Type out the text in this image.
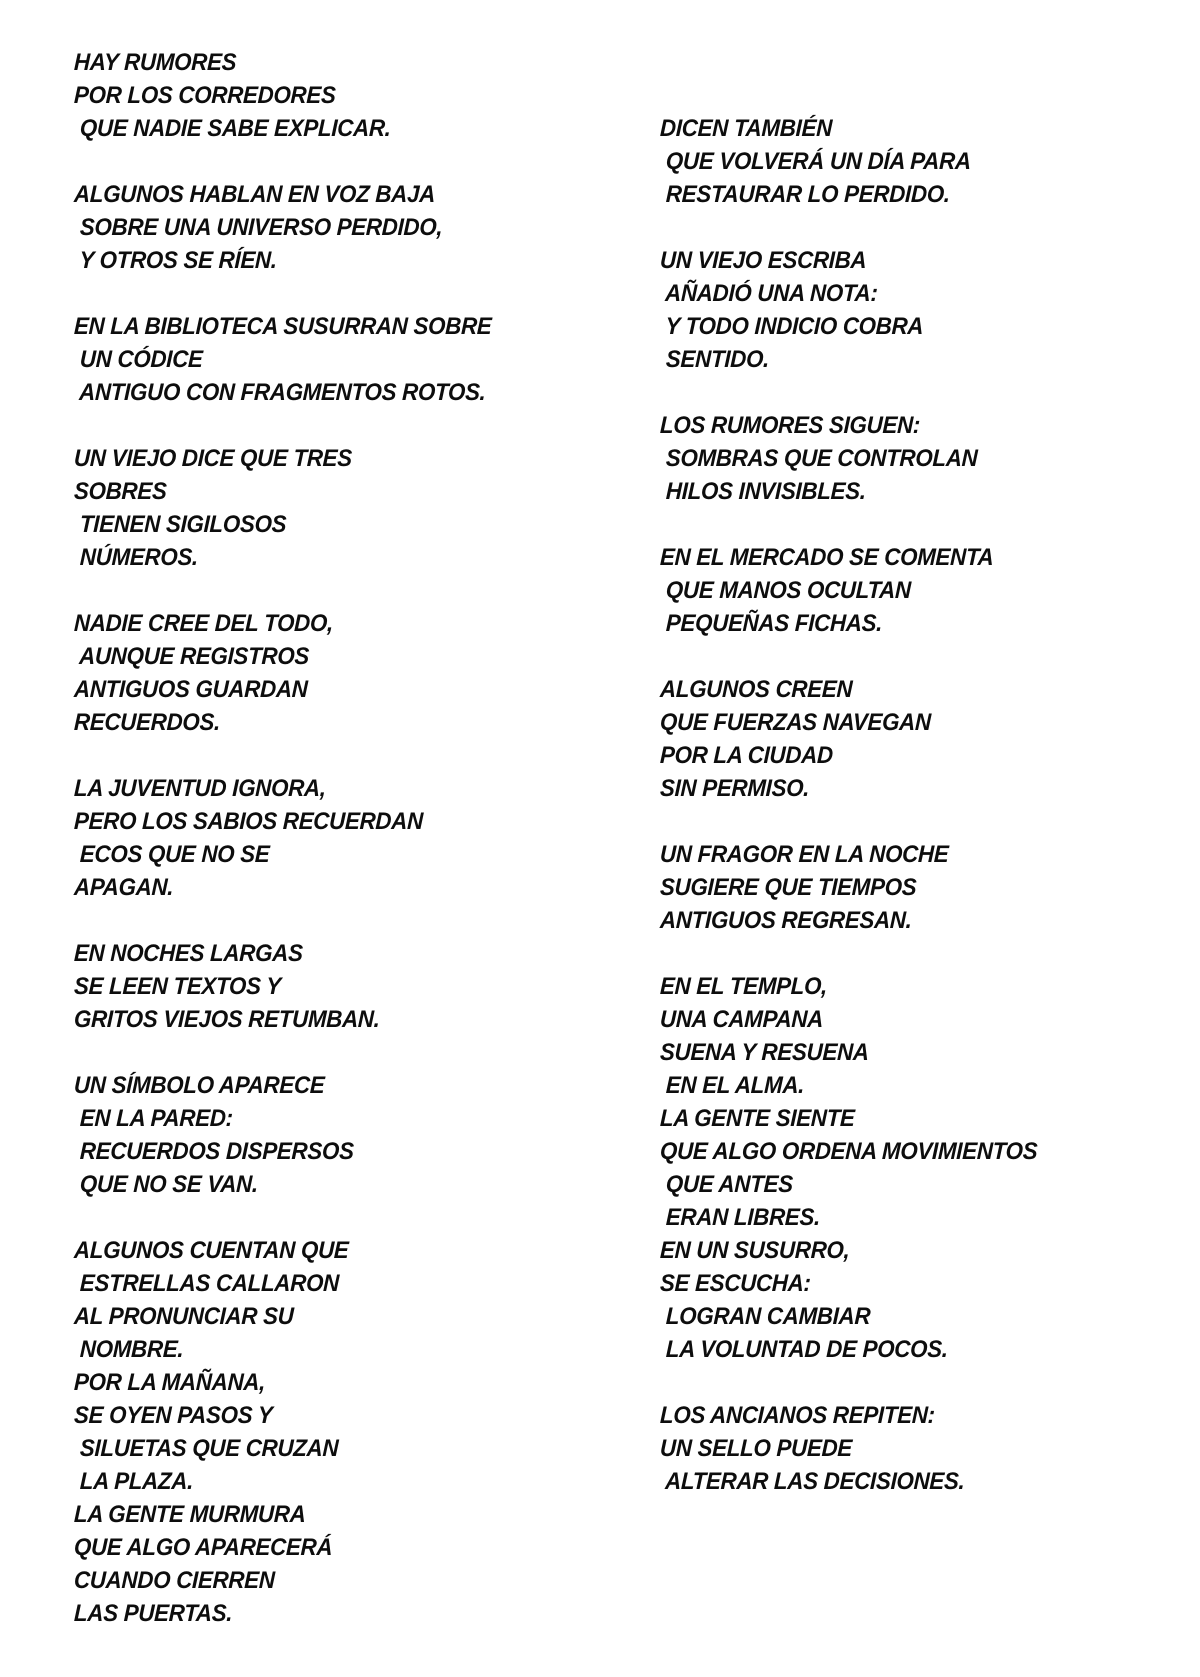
HAY RUMORES
POR LOS CORREDORES
QUE NADIE SABE EXPLICAR.
ALGUNOS HABLAN EN VOZ BAJA
SOBRE UNA UNIVERSO PERDIDO,
Y OTROS SE RÍEN.
EN LA BIBLIOTECA SUSURRAN SOBRE
UN CÓDICE
ANTIGUO CON FRAGMENTOS ROTOS.
UN VIEJO DICE QUE TRES
SOBRES
TIENEN SIGILOSOS
NÚMEROS.
NADIE CREE DEL TODO,
AUNQUE REGISTROS
ANTIGUOS GUARDAN
RECUERDOS.
LA JUVENTUD IGNORA,
PERO LOS SABIOS RECUERDAN
ECOS QUE NO SE
APAGAN.
EN NOCHES LARGAS
SE LEEN TEXTOS Y
GRITOS VIEJOS RETUMBAN.
UN SÍMBOLO APARECE
EN LA PARED:
RECUERDOS DISPERSOS
QUE NO SE VAN.
ALGUNOS CUENTAN QUE
ESTRELLAS CALLARON
AL PRONUNCIAR SU
NOMBRE.
POR LA MAÑANA,
SE OYEN PASOS Y
SILUETAS QUE CRUZAN
LA PLAZA.
LA GENTE MURMURA
QUE ALGO APARECERÁ
CUANDO CIERREN
LAS PUERTAS.
DICEN TAMBIÉN
QUE VOLVERÁ UN DÍA PARA
RESTAURAR LO PERDIDO.
UN VIEJO ESCRIBA
AÑADIÓ UNA NOTA:
Y TODO INDICIO COBRA
SENTIDO.
LOS RUMORES SIGUEN:
SOMBRAS QUE CONTROLAN
HILOS INVISIBLES.
EN EL MERCADO SE COMENTA
QUE MANOS OCULTAN
PEQUEÑAS FICHAS.
ALGUNOS CREEN
QUE FUERZAS NAVEGAN
POR LA CIUDAD
SIN PERMISO.
UN FRAGOR EN LA NOCHE
SUGIERE QUE TIEMPOS
ANTIGUOS REGRESAN.
EN EL TEMPLO,
UNA CAMPANA
SUENA Y RESUENA
EN EL ALMA.
LA GENTE SIENTE
QUE ALGO ORDENA MOVIMIENTOS
QUE ANTES
ERAN LIBRES.
EN UN SUSURRO,
SE ESCUCHA:
LOGRAN CAMBIAR
LA VOLUNTAD DE POCOS.
LOS ANCIANOS REPITEN:
UN SELLO PUEDE
ALTERAR LAS DECISIONES.
